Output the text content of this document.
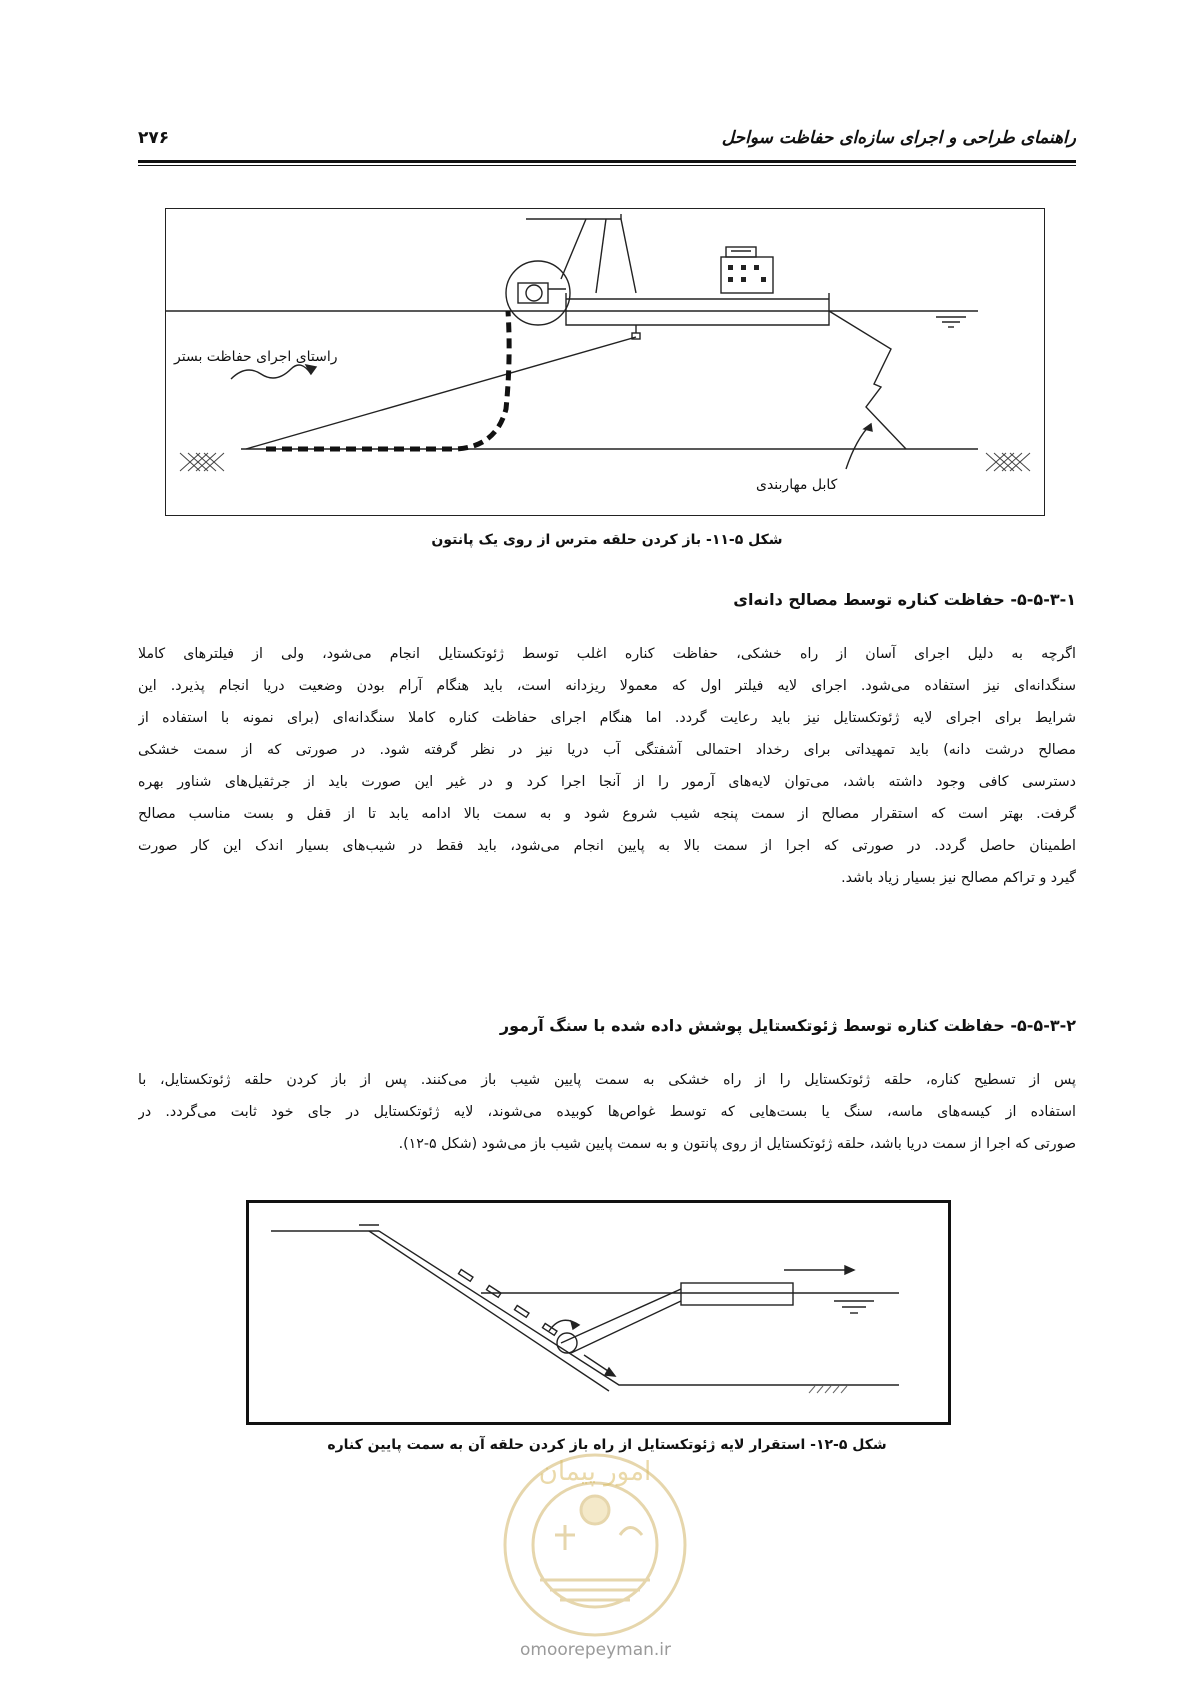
راهنمای طراحی و اجرای سازه‌ای حفاظت سواحل
۲۷۶
راستای اجرای حفاظت بستر
کابل مهاربندی
شکل ۵-۱۱- باز کردن حلقه مترس از روی یک پانتون
۵-۵-۳-۱- حفاظت کناره توسط مصالح دانه‌ای
اگرچه به دلیل اجرای آسان از راه خشکی، حفاظت کناره اغلب توسط ژئوتکستایل انجام می‌شود، ولی از فیلترهای کاملا
سنگدانه‌ای نیز استفاده می‌شود. اجرای لایه فیلتر اول که معمولا ریزدانه است، باید هنگام آرام بودن وضعیت دریا انجام پذیرد. این
شرایط برای اجرای لایه ژئوتکستایل نیز باید رعایت گردد. اما هنگام اجرای حفاظت کناره کاملا سنگدانه‌ای (برای نمونه با استفاده از
مصالح درشت دانه) باید تمهیداتی برای رخداد احتمالی آشفتگی آب دریا نیز در نظر گرفته شود. در صورتی که از سمت خشکی
دسترسی کافی وجود داشته باشد، می‌توان لایه‌های آرمور را از آنجا اجرا کرد و در غیر این صورت باید از جرثقیل‌های شناور بهره
گرفت. بهتر است که استقرار مصالح از سمت پنجه شیب شروع شود و به سمت بالا ادامه یابد تا از قفل و بست مناسب مصالح
اطمینان حاصل گردد. در صورتی که اجرا از سمت بالا به پایین انجام می‌شود، باید فقط در شیب‌های بسیار اندک این کار صورت
گیرد و تراکم مصالح نیز بسیار زیاد باشد.
۵-۵-۳-۲- حفاظت کناره توسط ژئوتکستایل پوشش داده شده با سنگ آرمور
پس از تسطیح کناره، حلقه ژئوتکستایل را از راه خشکی به سمت پایین شیب باز می‌کنند. پس از باز کردن حلقه ژئوتکستایل، با
استفاده از کیسه‌های ماسه، سنگ یا بست‌هایی که توسط غواص‌ها کوبیده می‌شوند، لایه ژئوتکستایل در جای خود ثابت می‌گردد. در
صورتی که اجرا از سمت دریا باشد، حلقه ژئوتکستایل از روی پانتون و به سمت پایین شیب باز می‌شود (شکل ۵-۱۲).
شکل ۵-۱۲- استقرار لایه ژئوتکستایل از راه باز کردن حلقه آن به سمت پایین کناره
امور پیمان
omoorepeyman.ir
